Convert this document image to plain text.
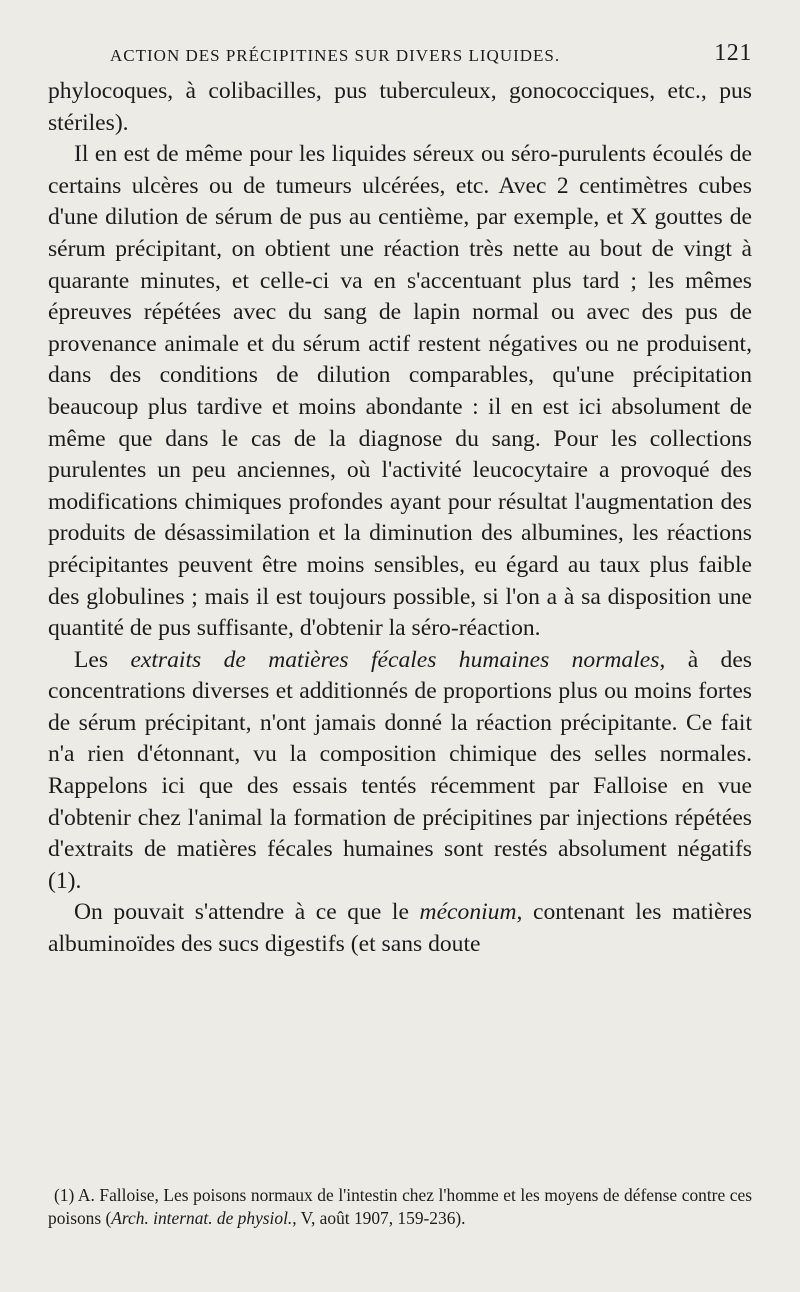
ACTION DES PRÉCIPITINES SUR DIVERS LIQUIDES.	121

phylocoques, à colibacilles, pus tuberculeux, gonococciques, etc., pus stériles).

Il en est de même pour les liquides séreux ou séro-purulents écoulés de certains ulcères ou de tumeurs ulcérées, etc. Avec 2 centimètres cubes d'une dilution de sérum de pus au centième, par exemple, et X gouttes de sérum précipitant, on obtient une réaction très nette au bout de vingt à quarante minutes, et celle-ci va en s'accentuant plus tard ; les mêmes épreuves répétées avec du sang de lapin normal ou avec des pus de provenance animale et du sérum actif restent négatives ou ne produisent, dans des conditions de dilution comparables, qu'une précipitation beaucoup plus tardive et moins abondante : il en est ici absolument de même que dans le cas de la diagnose du sang. Pour les collections purulentes un peu anciennes, où l'activité leucocytaire a provoqué des modifications chimiques profondes ayant pour résultat l'augmentation des produits de désassimilation et la diminution des albumines, les réactions précipitantes peuvent être moins sensibles, eu égard au taux plus faible des globulines ; mais il est toujours possible, si l'on a à sa disposition une quantité de pus suffisante, d'obtenir la séro-réaction.

Les extraits de matières fécales humaines normales, à des concentrations diverses et additionnés de proportions plus ou moins fortes de sérum précipitant, n'ont jamais donné la réaction précipitante. Ce fait n'a rien d'étonnant, vu la composition chimique des selles normales. Rappelons ici que des essais tentés récemment par Falloise en vue d'obtenir chez l'animal la formation de précipitines par injections répétées d'extraits de matières fécales humaines sont restés absolument négatifs (1).

On pouvait s'attendre à ce que le méconium, contenant les matières albuminoïdes des sucs digestifs (et sans doute

(1) A. Falloise, Les poisons normaux de l'intestin chez l'homme et les moyens de défense contre ces poisons (Arch. internat. de physiol., V, août 1907, 159-236).
